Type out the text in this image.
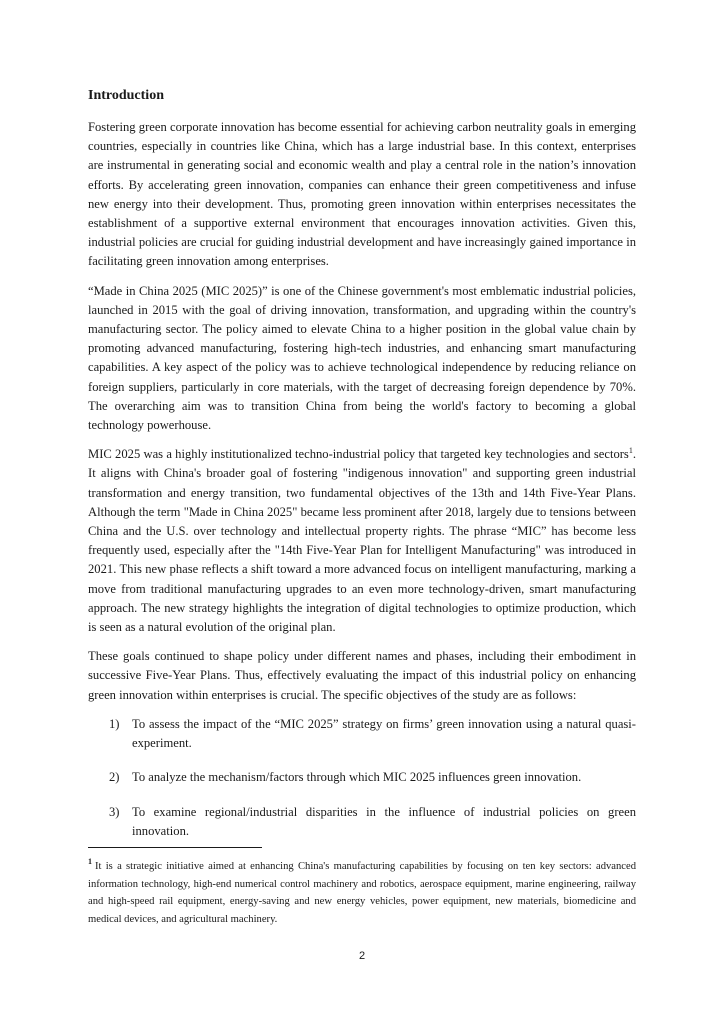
Introduction

Fostering green corporate innovation has become essential for achieving carbon neutrality goals in emerging countries, especially in countries like China, which has a large industrial base. In this context, enterprises are instrumental in generating social and economic wealth and play a central role in the nation’s innovation efforts. By accelerating green innovation, companies can enhance their green competitiveness and infuse new energy into their development. Thus, promoting green innovation within enterprises necessitates the establishment of a supportive external environment that encourages innovation activities. Given this, industrial policies are crucial for guiding industrial development and have increasingly gained importance in facilitating green innovation among enterprises.

“Made in China 2025 (MIC 2025)” is one of the Chinese government's most emblematic industrial policies, launched in 2015 with the goal of driving innovation, transformation, and upgrading within the country's manufacturing sector. The policy aimed to elevate China to a higher position in the global value chain by promoting advanced manufacturing, fostering high-tech industries, and enhancing smart manufacturing capabilities. A key aspect of the policy was to achieve technological independence by reducing reliance on foreign suppliers, particularly in core materials, with the target of decreasing foreign dependence by 70%. The overarching aim was to transition China from being the world's factory to becoming a global technology powerhouse.

MIC 2025 was a highly institutionalized techno-industrial policy that targeted key technologies and sectors$^1$. It aligns with China's broader goal of fostering "indigenous innovation" and supporting green industrial transformation and energy transition, two fundamental objectives of the 13th and 14th Five-Year Plans. Although the term "Made in China 2025" became less prominent after 2018, largely due to tensions between China and the U.S. over technology and intellectual property rights. The phrase “MIC” has become less frequently used, especially after the "14th Five-Year Plan for Intelligent Manufacturing" was introduced in 2021. This new phase reflects a shift toward a more advanced focus on intelligent manufacturing, marking a move from traditional manufacturing upgrades to an even more technology-driven, smart manufacturing approach. The new strategy highlights the integration of digital technologies to optimize production, which is seen as a natural evolution of the original plan.

These goals continued to shape policy under different names and phases, including their embodiment in successive Five-Year Plans. Thus, effectively evaluating the impact of this industrial policy on enhancing green innovation within enterprises is crucial. The specific objectives of the study are as follows:

1) To assess the impact of the “MIC 2025” strategy on firms’ green innovation using a natural quasi-experiment.
2) To analyze the mechanism/factors through which MIC 2025 influences green innovation.
3) To examine regional/industrial disparities in the influence of industrial policies on green innovation.

$^1$ It is a strategic initiative aimed at enhancing China's manufacturing capabilities by focusing on ten key sectors: advanced information technology, high-end numerical control machinery and robotics, aerospace equipment, marine engineering, railway and high-speed rail equipment, energy-saving and new energy vehicles, power equipment, new materials, biomedicine and medical devices, and agricultural machinery.

2
